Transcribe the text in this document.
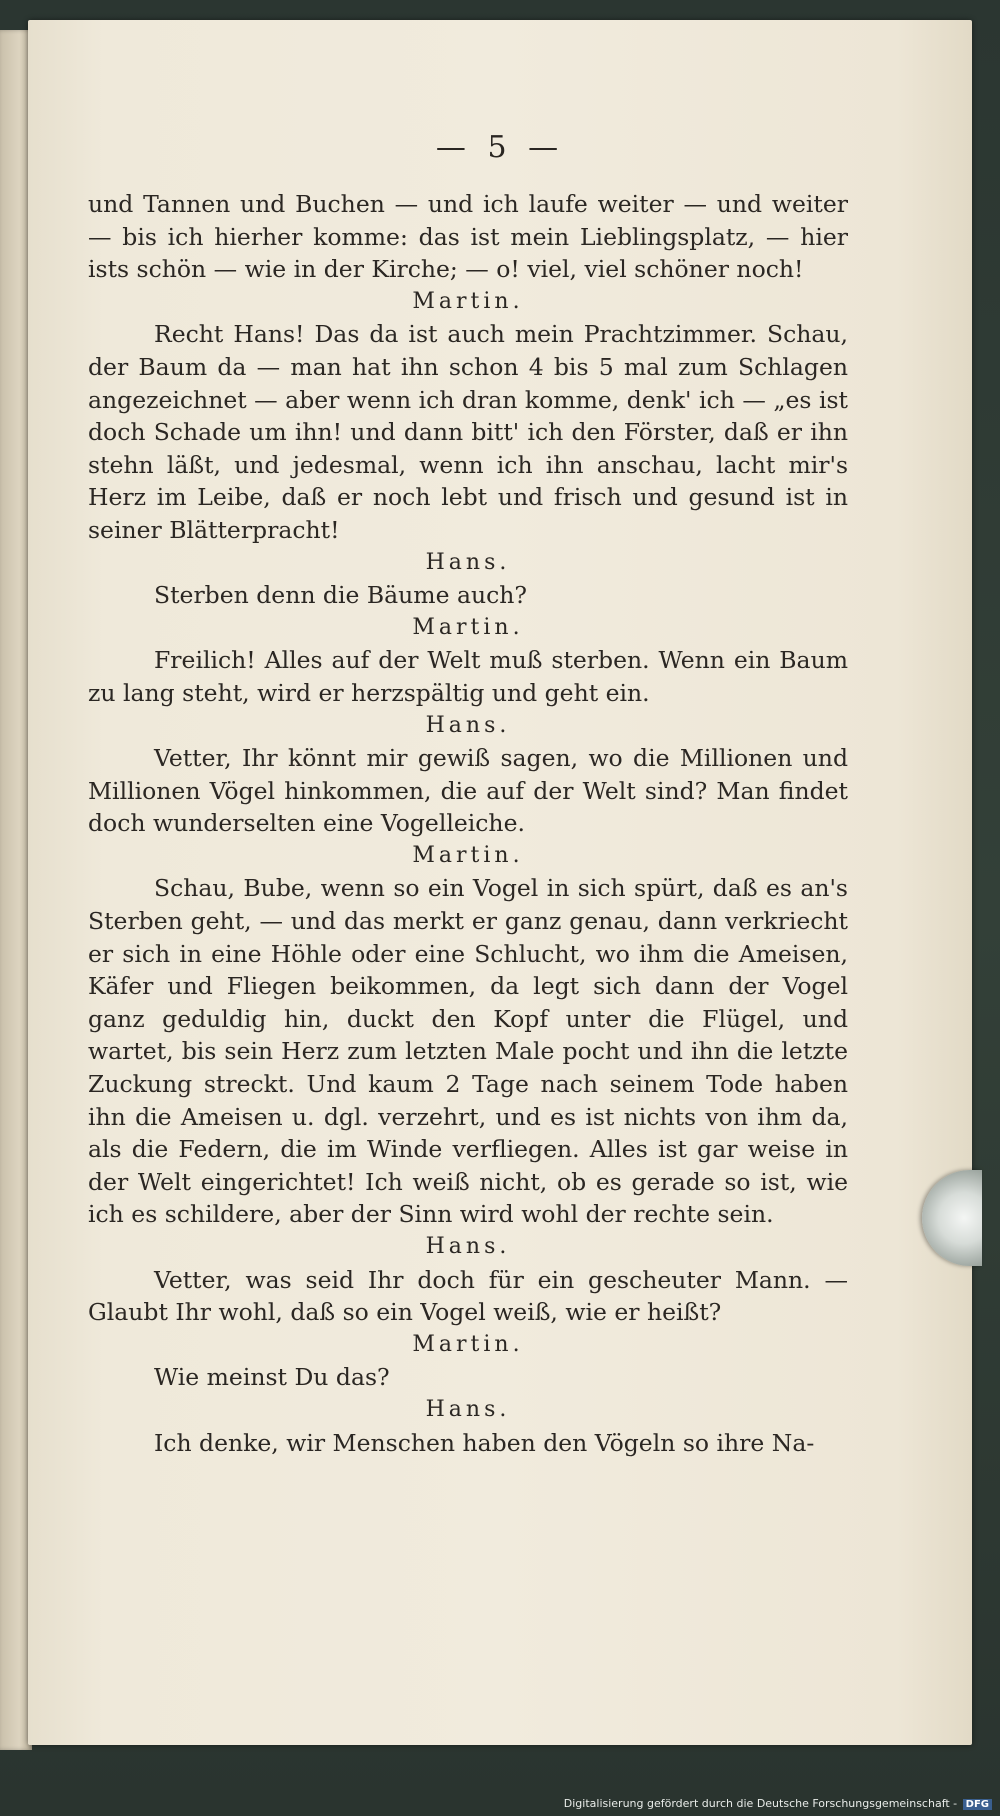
— 5 —

und Tannen und Buchen — und ich laufe weiter — und weiter — bis ich hierher komme: das ist mein Lieblingsplatz, — hier ists schön — wie in der Kirche; — o! viel, viel schöner noch!

Martin.

Recht Hans! Das da ist auch mein Prachtzimmer. Schau, der Baum da — man hat ihn schon 4 bis 5 mal zum Schlagen angezeichnet — aber wenn ich dran komme, denk' ich — „es ist doch Schade um ihn! und dann bitt' ich den Förster, daß er ihn stehn läßt, und jedesmal, wenn ich ihn anschau, lacht mir's Herz im Leibe, daß er noch lebt und frisch und gesund ist in seiner Blätterpracht!

Hans.

Sterben denn die Bäume auch?

Martin.

Freilich! Alles auf der Welt muß sterben. Wenn ein Baum zu lang steht, wird er herzspältig und geht ein.

Hans.

Vetter, Ihr könnt mir gewiß sagen, wo die Millionen und Millionen Vögel hinkommen, die auf der Welt sind? Man findet doch wunderselten eine Vogelleiche.

Martin.

Schau, Bube, wenn so ein Vogel in sich spürt, daß es an's Sterben geht, — und das merkt er ganz genau, dann verkriecht er sich in eine Höhle oder eine Schlucht, wo ihm die Ameisen, Käfer und Fliegen beikommen, da legt sich dann der Vogel ganz geduldig hin, duckt den Kopf unter die Flügel, und wartet, bis sein Herz zum letzten Male pocht und ihn die letzte Zuckung streckt. Und kaum 2 Tage nach seinem Tode haben ihn die Ameisen u. dgl. verzehrt, und es ist nichts von ihm da, als die Federn, die im Winde verfliegen. Alles ist gar weise in der Welt eingerichtet! Ich weiß nicht, ob es gerade so ist, wie ich es schildere, aber der Sinn wird wohl der rechte sein.

Hans.

Vetter, was seid Ihr doch für ein gescheuter Mann. — Glaubt Ihr wohl, daß so ein Vogel weiß, wie er heißt?

Martin.

Wie meinst Du das?

Hans.

Ich denke, wir Menschen haben den Vögeln so ihre Na-

Digitalisierung gefördert durch die Deutsche Forschungsgemeinschaft - DFG
